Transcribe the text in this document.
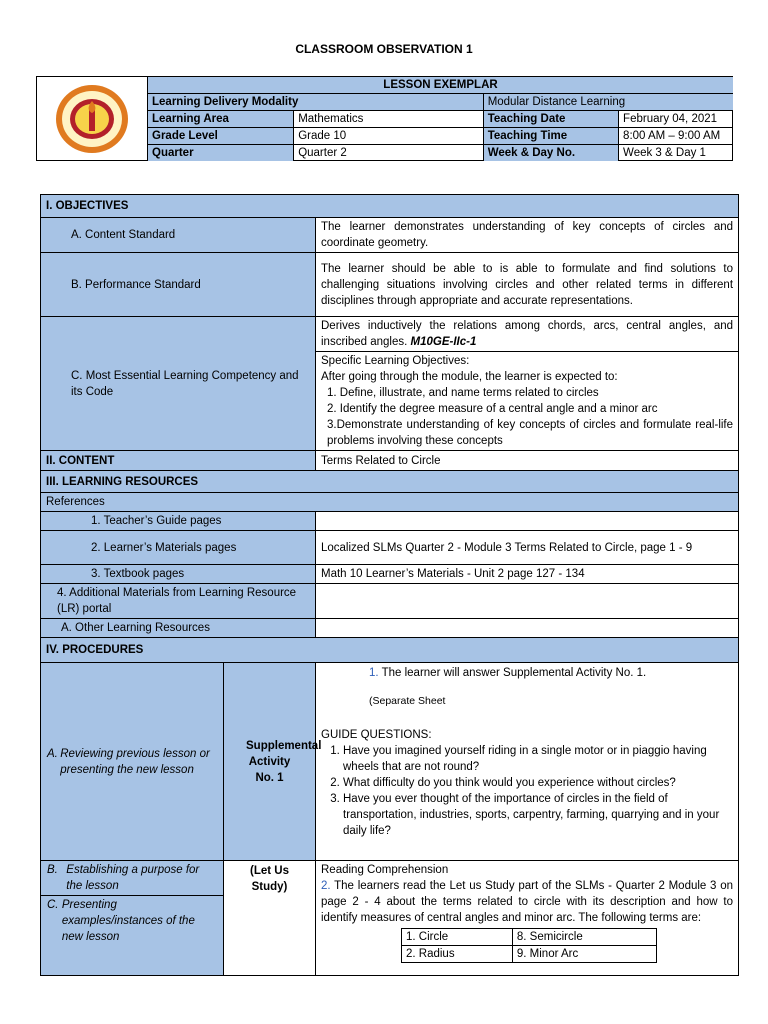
CLASSROOM OBSERVATION 1
LESSON EXEMPLAR			
Learning Delivery Modality		Modular Distance Learning	
Learning Area	Mathematics	Teaching Date	February 04, 2021
Grade Level	Grade 10	Teaching Time	8:00 AM – 9:00 AM
Quarter	Quarter 2	Week & Day No.	Week 3 & Day 1
I. OBJECTIVES
A. Content Standard	The learner demonstrates understanding of key concepts of circles and coordinate geometry.
B. Performance Standard	The learner should be able to is able to formulate and find solutions to challenging situations involving circles and other related terms in different disciplines through appropriate and accurate representations.
C. Most Essential Learning Competency and its Code	Derives inductively the relations among chords, arcs, central angles, and inscribed angles. M10GE-IIc-1

Specific Learning Objectives:
After going through the module, the learner is expected to:
1. Define, illustrate, and name terms related to circles
2. Identify the degree measure of a central angle and a minor arc
3.Demonstrate understanding of key concepts of circles and formulate real-life problems involving these concepts

II. CONTENT	Terms Related to Circle
III. LEARNING RESOURCES
References
1. Teacher’s Guide pages	
2. Learner’s Materials pages	Localized SLMs Quarter 2 - Module 3 Terms Related to Circle, page 1 - 9
3. Textbook pages	Math 10 Learner’s Materials - Unit 2 page 127 - 134
4. Additional Materials from Learning Resource (LR) portal	
A. Other Learning Resources	
IV. PROCEDURES

A. Reviewing previous lesson or presenting the new lesson
	Supplemental Activity No. 1	
1. The learner will answer Supplemental Activity No. 1.
(Separate Sheet
GUIDE QUESTIONS:
1. Have you imagined yourself riding in a single motor or in piaggio having wheels that are not round?
2. What difficulty do you think would you experience without circles?
3. Have you ever thought of the importance of circles in the field of transportation, industries, sports, carpentry, farming, quarrying and in your daily life?

B. Establishing a purpose for the lesson
	(Let Us Study)	
Reading Comprehension
2. The learners read the Let us Study part of the SLMs - Quarter 2 Module 3 on page 2 - 4 about the terms related to circle with its description and how to identify measures of central angles and minor arc. The following terms are:
1. Circle	8. Semicircle
2. Radius	9. Minor Arc

C. Presenting examples/instances of the new lesson
